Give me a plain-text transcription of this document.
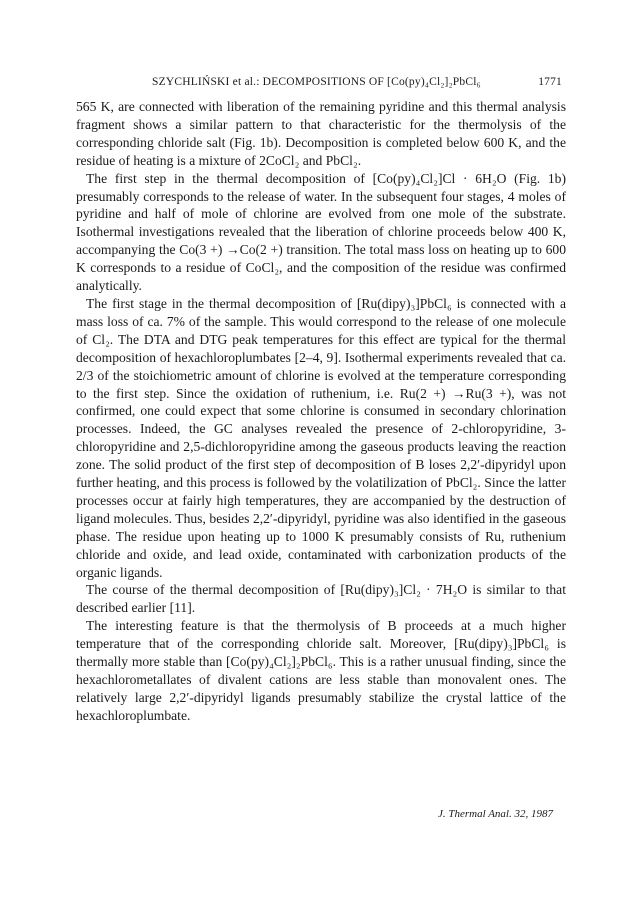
SZYCHLIŃSKI et al.: DECOMPOSITIONS OF [Co(py)₄Cl₂]₂PbCl₆	1771

565 K, are connected with liberation of the remaining pyridine and this thermal analysis fragment shows a similar pattern to that characteristic for the thermolysis of the corresponding chloride salt (Fig. 1b). Decomposition is completed below 600 K, and the residue of heating is a mixture of 2CoCl₂ and PbCl₂.

The first step in the thermal decomposition of [Co(py)₄Cl₂]Cl · 6H₂O (Fig. 1b) presumably corresponds to the release of water. In the subsequent four stages, 4 moles of pyridine and half of mole of chlorine are evolved from one mole of the substrate. Isothermal investigations revealed that the liberation of chlorine proceeds below 400 K, accompanying the Co(3 +) →Co(2 +) transition. The total mass loss on heating up to 600 K corresponds to a residue of CoCl₂, and the composition of the residue was confirmed analytically.

The first stage in the thermal decomposition of [Ru(dipy)₃]PbCl₆ is connected with a mass loss of ca. 7% of the sample. This would correspond to the release of one molecule of Cl₂. The DTA and DTG peak temperatures for this effect are typical for the thermal decomposition of hexachloroplumbates [2–4, 9]. Isothermal experiments revealed that ca. 2/3 of the stoichiometric amount of chlorine is evolved at the temperature corresponding to the first step. Since the oxidation of ruthenium, i.e. Ru(2 +) →Ru(3 +), was not confirmed, one could expect that some chlorine is consumed in secondary chlorination processes. Indeed, the GC analyses revealed the presence of 2-chloropyridine, 3-chloropyridine and 2,5-dichloropyridine among the gaseous products leaving the reaction zone. The solid product of the first step of decomposition of B loses 2,2′-dipyridyl upon further heating, and this process is followed by the volatilization of PbCl₂. Since the latter processes occur at fairly high temperatures, they are accompanied by the destruction of ligand molecules. Thus, besides 2,2′-dipyridyl, pyridine was also identified in the gaseous phase. The residue upon heating up to 1000 K presumably consists of Ru, ruthenium chloride and oxide, and lead oxide, contaminated with carbonization products of the organic ligands.

The course of the thermal decomposition of [Ru(dipy)₃]Cl₂ · 7H₂O is similar to that described earlier [11].

The interesting feature is that the thermolysis of B proceeds at a much higher temperature that of the corresponding chloride salt. Moreover, [Ru(dipy)₃]PbCl₆ is thermally more stable than [Co(py)₄Cl₂]₂PbCl₆. This is a rather unusual finding, since the hexachlorometallates of divalent cations are less stable than monovalent ones. The relatively large 2,2′-dipyridyl ligands presumably stabilize the crystal lattice of the hexachloroplumbate.

J. Thermal Anal. 32, 1987
